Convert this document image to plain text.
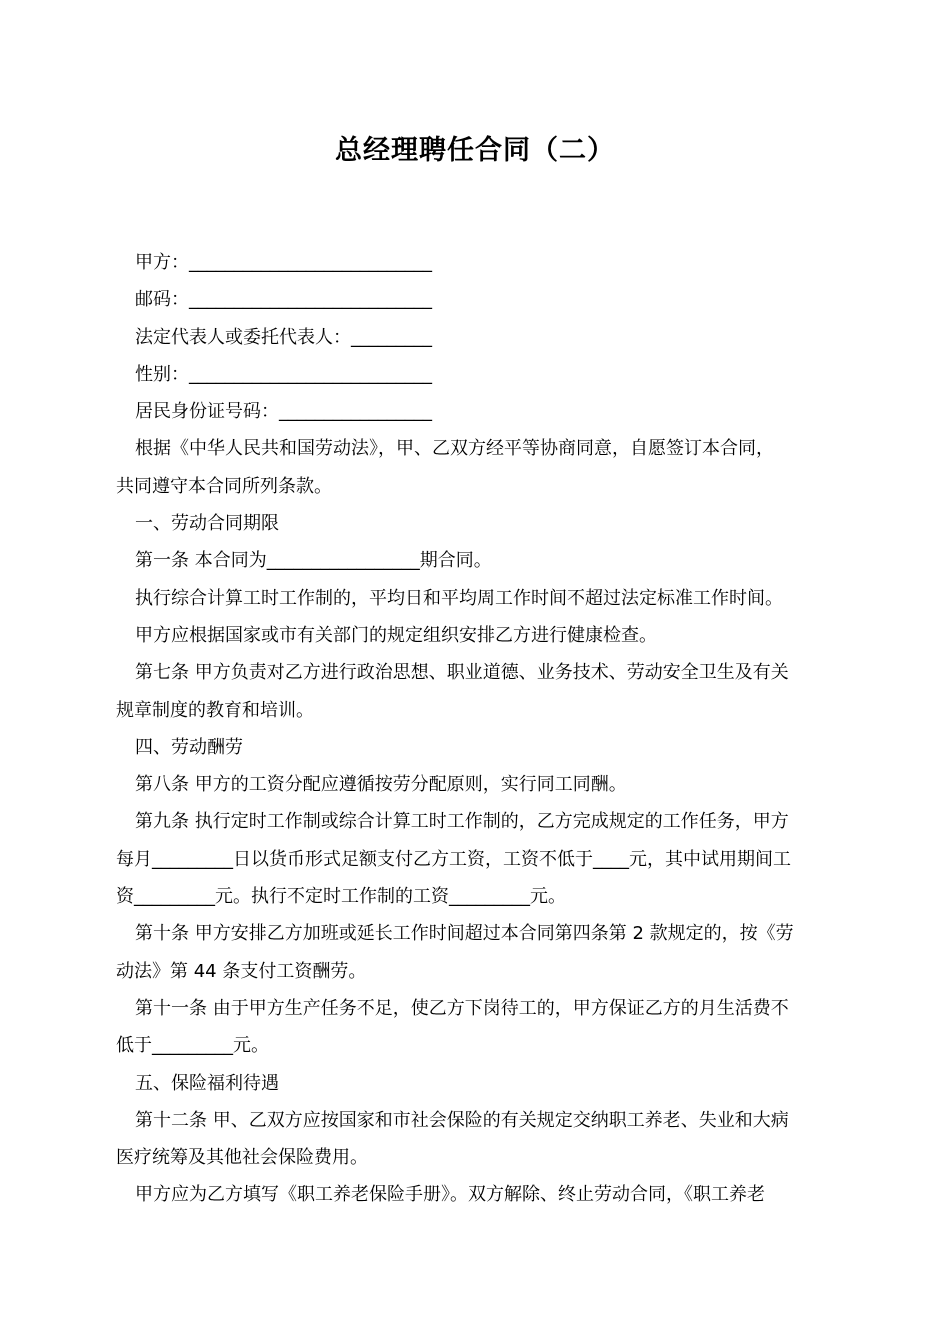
总经理聘任合同（二）
甲方：___________________________
邮码：___________________________
法定代表人或委托代表人：_________
性别：___________________________
居民身份证号码：_________________
根据《中华人民共和国劳动法》，甲、乙双方经平等协商同意，自愿签订本合同，
共同遵守本合同所列条款。
一、劳动合同期限
第一条 本合同为_________________期合同。
执行综合计算工时工作制的，平均日和平均周工作时间不超过法定标准工作时间。
甲方应根据国家或市有关部门的规定组织安排乙方进行健康检查。
第七条 甲方负责对乙方进行政治思想、职业道德、业务技术、劳动安全卫生及有关
规章制度的教育和培训。
四、劳动酬劳
第八条 甲方的工资分配应遵循按劳分配原则，实行同工同酬。
第九条 执行定时工作制或综合计算工时工作制的，乙方完成规定的工作任务，甲方
每月_________日以货币形式足额支付乙方工资，工资不低于____元，其中试用期间工
资_________元。执行不定时工作制的工资_________元。
第十条 甲方安排乙方加班或延长工作时间超过本合同第四条第 2 款规定的，按《劳
动法》第 44 条支付工资酬劳。
第十一条 由于甲方生产任务不足，使乙方下岗待工的，甲方保证乙方的月生活费不
低于_________元。
五、保险福利待遇
第十二条 甲、乙双方应按国家和市社会保险的有关规定交纳职工养老、失业和大病
医疗统筹及其他社会保险费用。
甲方应为乙方填写《职工养老保险手册》。双方解除、终止劳动合同，《职工养老
